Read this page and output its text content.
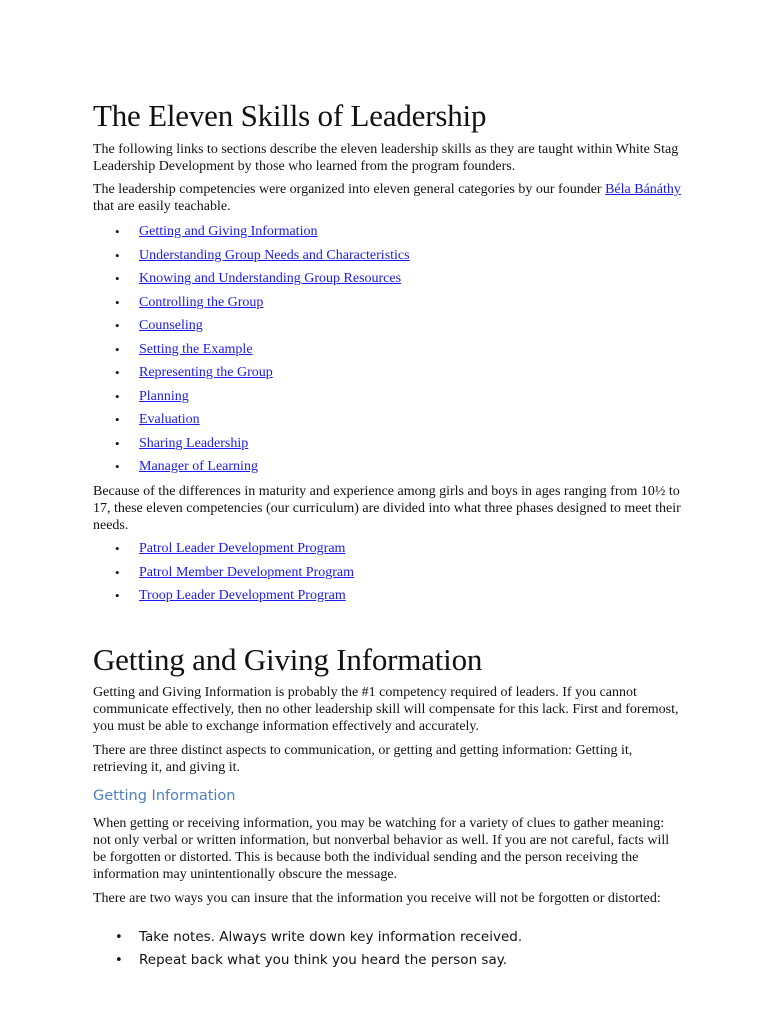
The Eleven Skills of Leadership

The following links to sections describe the eleven leadership skills as they are taught within White Stag Leadership Development by those who learned from the program founders.

The leadership competencies were organized into eleven general categories by our founder Béla Bánáthy that are easily teachable.

• Getting and Giving Information
• Understanding Group Needs and Characteristics
• Knowing and Understanding Group Resources
• Controlling the Group
• Counseling
• Setting the Example
• Representing the Group
• Planning
• Evaluation
• Sharing Leadership
• Manager of Learning

Because of the differences in maturity and experience among girls and boys in ages ranging from 10½ to 17, these eleven competencies (our curriculum) are divided into what three phases designed to meet their needs.

• Patrol Leader Development Program
• Patrol Member Development Program
• Troop Leader Development Program
Getting and Giving Information

Getting and Giving Information is probably the #1 competency required of leaders. If you cannot communicate effectively, then no other leadership skill will compensate for this lack. First and foremost, you must be able to exchange information effectively and accurately.

There are three distinct aspects to communication, or getting and getting information: Getting it, retrieving it, and giving it.

Getting Information

When getting or receiving information, you may be watching for a variety of clues to gather meaning: not only verbal or written information, but nonverbal behavior as well. If you are not careful, facts will be forgotten or distorted. This is because both the individual sending and the person receiving the information may unintentionally obscure the message.

There are two ways you can insure that the information you receive will not be forgotten or distorted:

• Take notes. Always write down key information received.
• Repeat back what you think you heard the person say.
